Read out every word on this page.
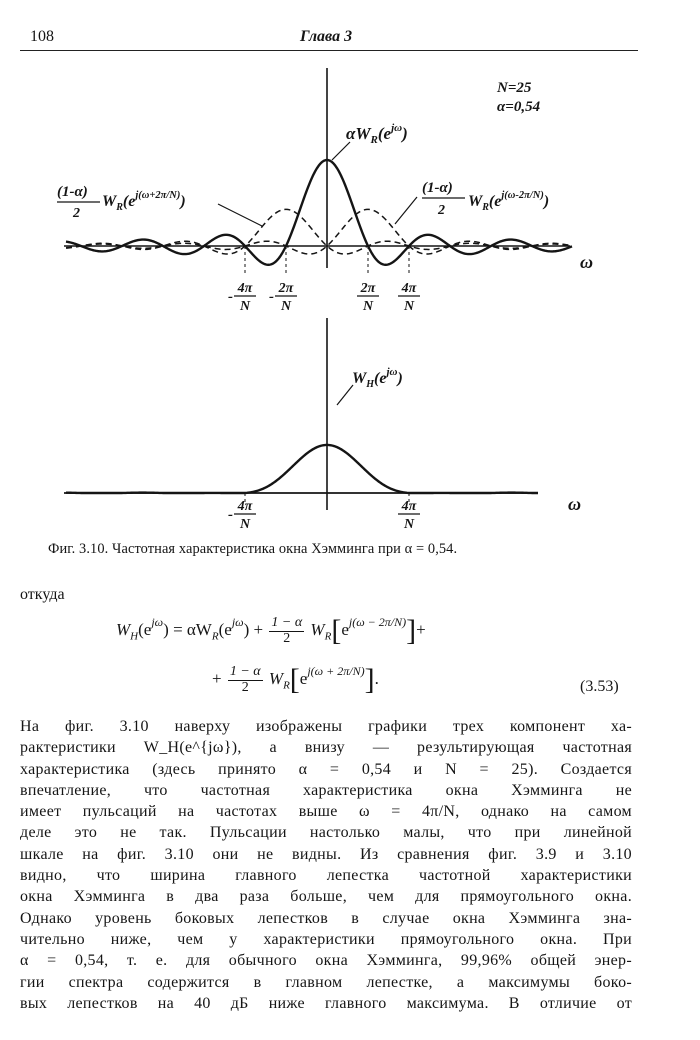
108	Глава 3
N=25
α=0,54
$\alpha W_R(e^{j\omega})$
(1-α)
2
$W_R(e^{j(\omega+2\pi/N)})$
(1-α)
2
$W_R(e^{j(\omega-2\pi/N)})$
ω
-
4π
N
-
2π
N
2π
N
4π
N
$W_H(e^{j\omega})$
ω
-
4π
N
4π
N
Фиг. 3.10. Частотная характеристика окна Хэмминга при α = 0,54.
откуда
$W_H(e^{j\omega}) = \alpha W_R(e^{j\omega}) + \frac{1 - \alpha}{2} W_R[e^{j(\omega - 2\pi/N)}]+$
+ $\frac{1 - \alpha}{2} W_R[e^{j(\omega + 2\pi/N)}]$.	(3.53)
На фиг. 3.10 наверху изображены графики трех компонент ха-
рактеристики W_H(e^{jω}), а внизу — результирующая частотная
характеристика (здесь принято α = 0,54 и N = 25). Создается
впечатление, что частотная характеристика окна Хэмминга не
имеет пульсаций на частотах выше ω = 4π/N, однако на самом
деле это не так. Пульсации настолько малы, что при линейной
шкале на фиг. 3.10 они не видны. Из сравнения фиг. 3.9 и 3.10
видно, что ширина главного лепестка частотной характеристики
окна Хэмминга в два раза больше, чем для прямоугольного окна.
Однако уровень боковых лепестков в случае окна Хэмминга зна-
чительно ниже, чем у характеристики прямоугольного окна. При
α = 0,54, т. е. для обычного окна Хэмминга, 99,96% общей энер-
гии спектра содержится в главном лепестке, а максимумы боко-
вых лепестков на 40 дБ ниже главного максимума. В отличие от
